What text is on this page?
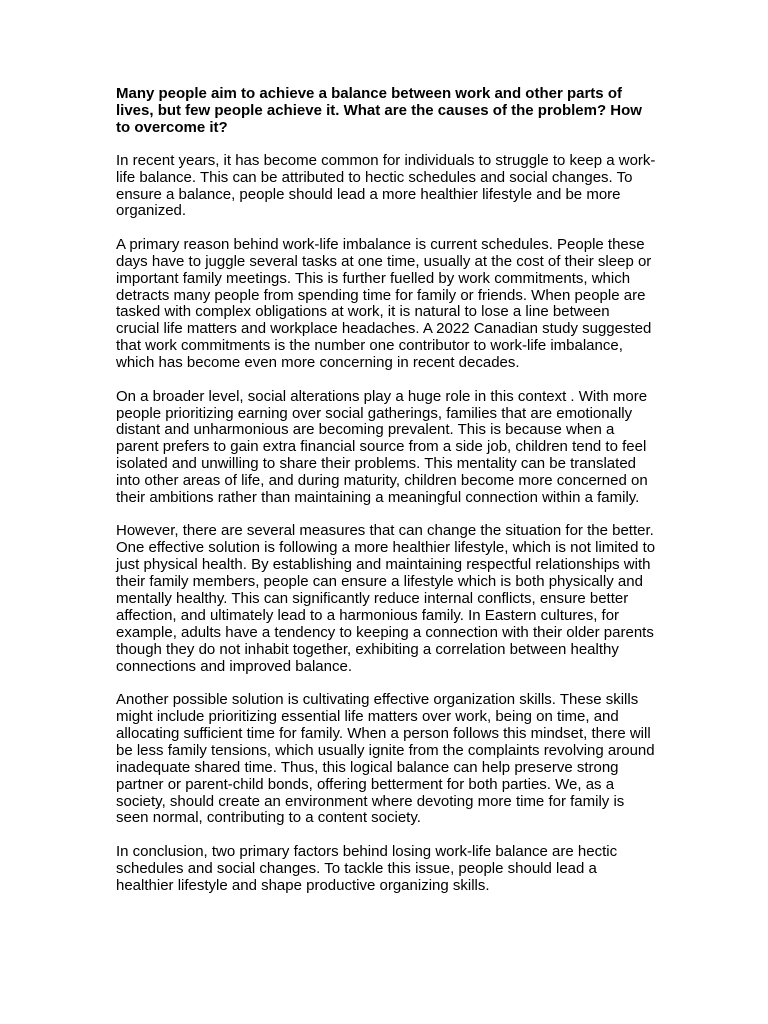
Many people aim to achieve a balance between work and other parts of lives, but few people achieve it. What are the causes of the problem? How to overcome it?

In recent years, it has become common for individuals to struggle to keep a work-life balance. This can be attributed to hectic schedules and social changes. To ensure a balance, people should lead a more healthier lifestyle and be more organized.

A primary reason behind work-life imbalance is current schedules. People these days have to juggle several tasks at one time, usually at the cost of their sleep or important family meetings. This is further fuelled by work commitments, which detracts many people from spending time for family or friends. When people are tasked with complex obligations at work, it is natural to lose a line between crucial life matters and workplace headaches. A 2022 Canadian study suggested that work commitments is the number one contributor to work-life imbalance, which has become even more concerning in recent decades.

On a broader level, social alterations play a huge role in this context . With more people prioritizing earning over social gatherings, families that are emotionally distant and unharmonious are becoming prevalent. This is because when a parent prefers to gain extra financial source from a side job, children tend to feel isolated and unwilling to share their problems. This mentality can be translated into other areas of life, and during maturity, children become more concerned on their ambitions rather than maintaining a meaningful connection within a family.

However, there are several measures that can change the situation for the better. One effective solution is following a more healthier lifestyle, which is not limited to just physical health. By establishing and maintaining respectful relationships with their family members, people can ensure a lifestyle which is both physically and mentally healthy. This can significantly reduce internal conflicts, ensure better affection, and ultimately lead to a harmonious family. In Eastern cultures, for example, adults have a tendency to keeping a connection with their older parents though they do not inhabit together, exhibiting a correlation between healthy connections and improved balance.

Another possible solution is cultivating effective organization skills. These skills might include prioritizing essential life matters over work, being on time, and allocating sufficient time for family. When a person follows this mindset, there will be less family tensions, which usually ignite from the complaints revolving around inadequate shared time. Thus, this logical balance can help preserve strong partner or parent-child bonds, offering betterment for both parties. We, as a society, should create an environment where devoting more time for family is seen normal, contributing to a content society.

In conclusion, two primary factors behind losing work-life balance are hectic schedules and social changes. To tackle this issue, people should lead a healthier lifestyle and shape productive organizing skills.
